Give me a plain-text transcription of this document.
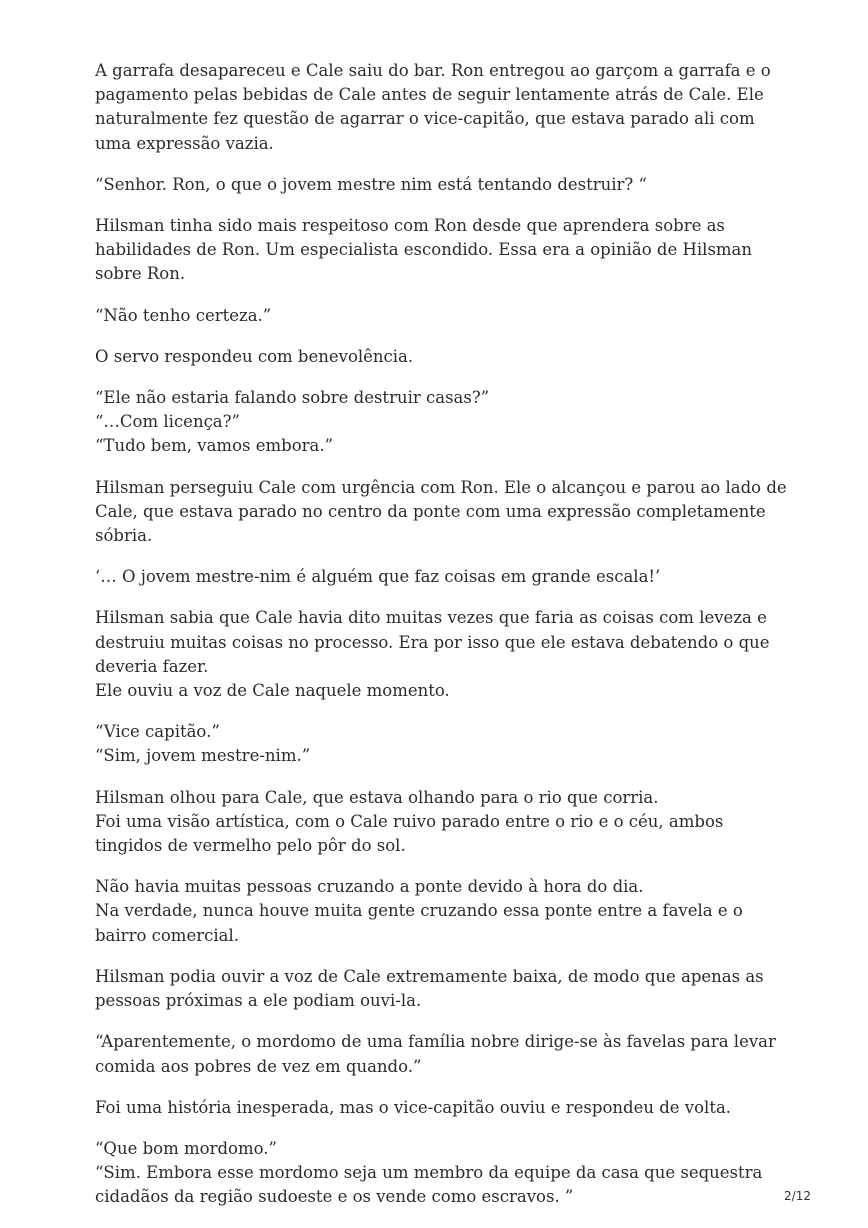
A garrafa desapareceu e Cale saiu do bar. Ron entregou ao garçom a garrafa e o pagamento pelas bebidas de Cale antes de seguir lentamente atrás de Cale. Ele naturalmente fez questão de agarrar o vice-capitão, que estava parado ali com uma expressão vazia.

“Senhor. Ron, o que o jovem mestre nim está tentando destruir? “

Hilsman tinha sido mais respeitoso com Ron desde que aprendera sobre as habilidades de Ron. Um especialista escondido. Essa era a opinião de Hilsman sobre Ron.

“Não tenho certeza.”

O servo respondeu com benevolência.

“Ele não estaria falando sobre destruir casas?”
“…Com licença?”
“Tudo bem, vamos embora.”

Hilsman perseguiu Cale com urgência com Ron. Ele o alcançou e parou ao lado de Cale, que estava parado no centro da ponte com uma expressão completamente sóbria.

‘… O jovem mestre-nim é alguém que faz coisas em grande escala!’

Hilsman sabia que Cale havia dito muitas vezes que faria as coisas com leveza e destruiu muitas coisas no processo. Era por isso que ele estava debatendo o que deveria fazer.
Ele ouviu a voz de Cale naquele momento.

“Vice capitão.”
“Sim, jovem mestre-nim.”

Hilsman olhou para Cale, que estava olhando para o rio que corria.
Foi uma visão artística, com o Cale ruivo parado entre o rio e o céu, ambos tingidos de vermelho pelo pôr do sol.

Não havia muitas pessoas cruzando a ponte devido à hora do dia.
Na verdade, nunca houve muita gente cruzando essa ponte entre a favela e o bairro comercial.

Hilsman podia ouvir a voz de Cale extremamente baixa, de modo que apenas as pessoas próximas a ele podiam ouvi-la.

“Aparentemente, o mordomo de uma família nobre dirige-se às favelas para levar comida aos pobres de vez em quando.”

Foi uma história inesperada, mas o vice-capitão ouviu e respondeu de volta.

“Que bom mordomo.”
“Sim. Embora esse mordomo seja um membro da equipe da casa que sequestra cidadãos da região sudoeste e os vende como escravos. ”	2/12
